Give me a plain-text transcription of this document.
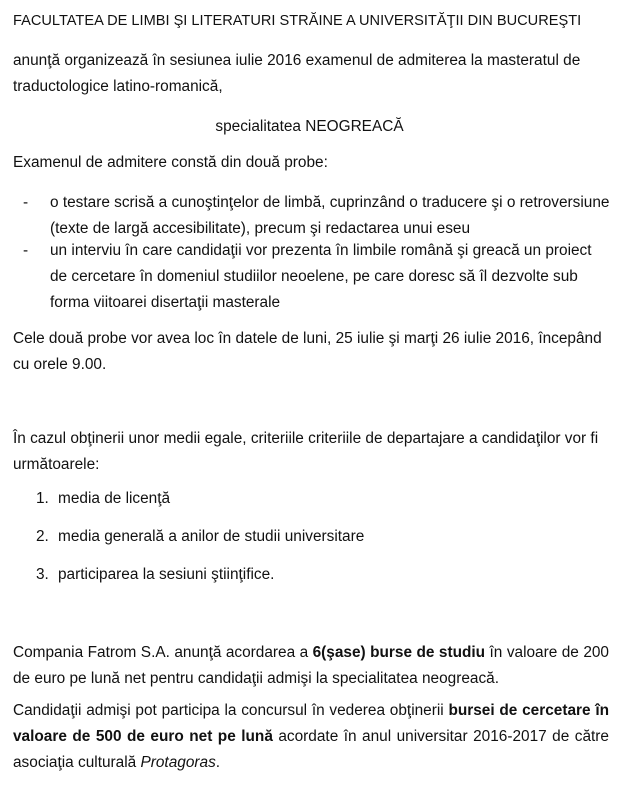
FACULTATEA DE LIMBI ŞI LITERATURI STRĂINE A UNIVERSITĂŢII DIN BUCUREŞTI

anunţă organizează în sesiunea iulie 2016 examenul de admiterea la masteratul de traductologice latino-romanică,

specialitatea NEOGREACĂ

Examenul de admitere constă din două probe:

-	o testare scrisă a cunoştinţelor de limbă, cuprinzând o traducere şi o retroversiune (texte de largă accesibilitate), precum şi redactarea unui eseu
-	un interviu în care candidaţii vor prezenta în limbile română şi greacă un proiect de cercetare în domeniul studiilor neoelene, pe care doresc să îl dezvolte sub forma viitoarei disertaţii masterale

Cele două probe vor avea loc în datele de luni, 25 iulie şi marţi 26 iulie 2016, începând cu orele 9.00.

În cazul obţinerii unor medii egale, criteriile criteriile de departajare a candidaţilor vor fi următoarele:

1. media de licenţă
2. media generală a anilor de studii universitare
3. participarea la sesiuni ştiinţifice.

Compania Fatrom S.A. anunţă acordarea a 6(şase) burse de studiu în valoare de 200 de euro pe lună net pentru candidaţii admişi la specialitatea neogreacă.

Candidaţii admişi pot participa la concursul în vederea obţinerii bursei de cercetare în valoare de 500 de euro net pe lună acordate în anul universitar 2016-2017 de către asociaţia culturală Protagoras.
